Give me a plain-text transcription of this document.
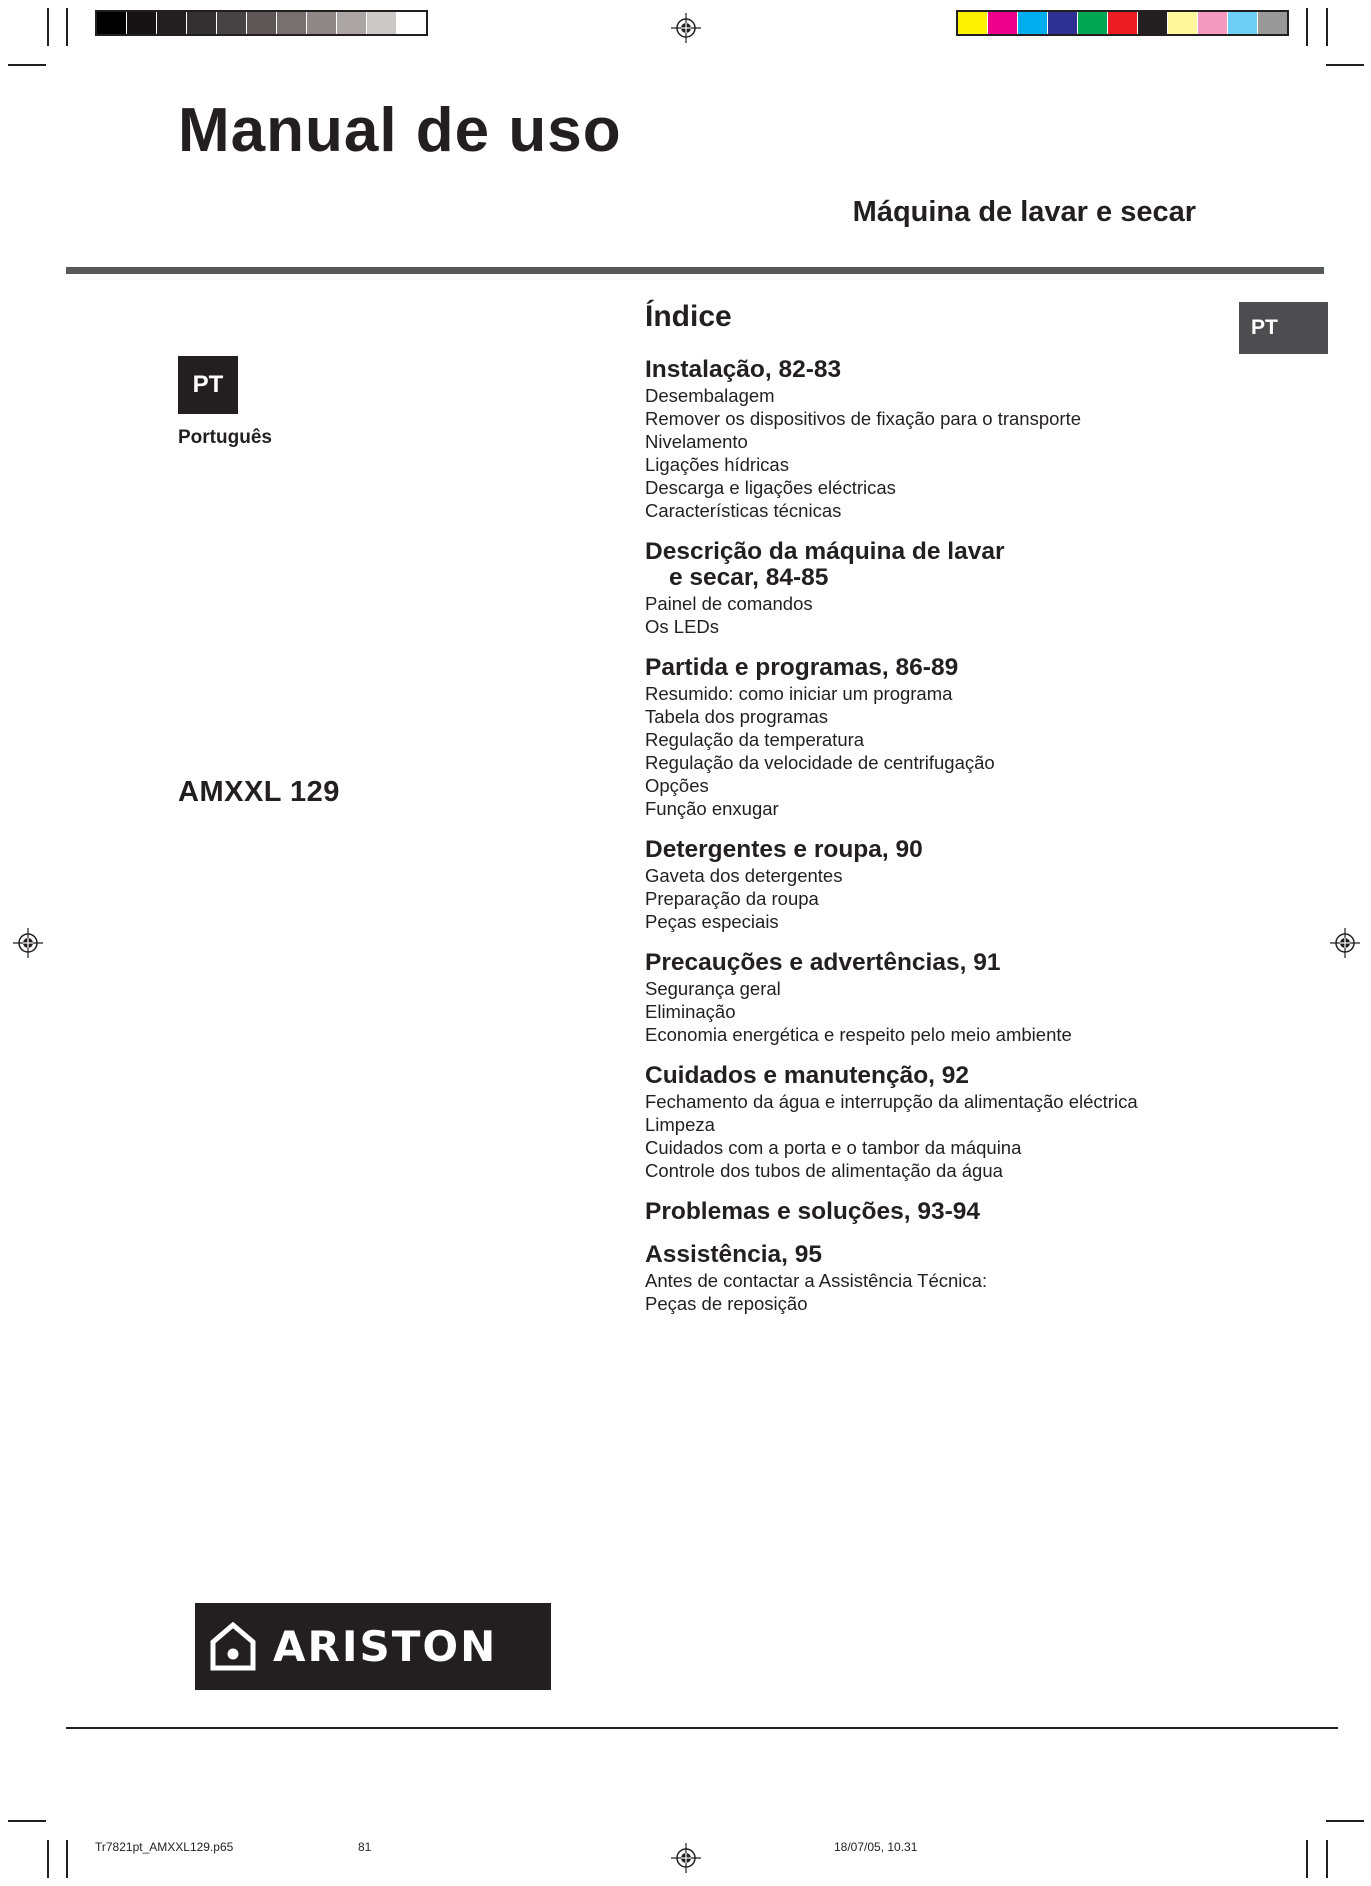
Manual de uso
Máquina de lavar e secar
PT
Português
AMXXL 129
PT
Índice
Instalação, 82-83

Desembalagem

Remover os dispositivos de fixação para o transporte

Nivelamento

Ligações hídricas

Descarga e ligações eléctricas

Características técnicas

Descrição da máquina de lavar
e secar, 84-85

Painel de comandos

Os LEDs

Partida e programas, 86-89

Resumido: como iniciar um programa

Tabela dos programas

Regulação da temperatura

Regulação da velocidade de centrifugação

Opções

Função enxugar

Detergentes e roupa, 90

Gaveta dos detergentes

Preparação da roupa

Peças especiais

Precauções e advertências, 91

Segurança geral

Eliminação

Economia energética e respeito pelo meio ambiente

Cuidados e manutenção, 92

Fechamento da água e interrupção da alimentação eléctrica

Limpeza

Cuidados com a porta e o tambor da máquina

Controle dos tubos de alimentação da água

Problemas e soluções, 93-94
Assistência, 95

Antes de contactar a Assistência Técnica:

Peças de reposição

ARISTON
Tr7821pt_AMXXL129.p65	81	18/07/05, 10.31
